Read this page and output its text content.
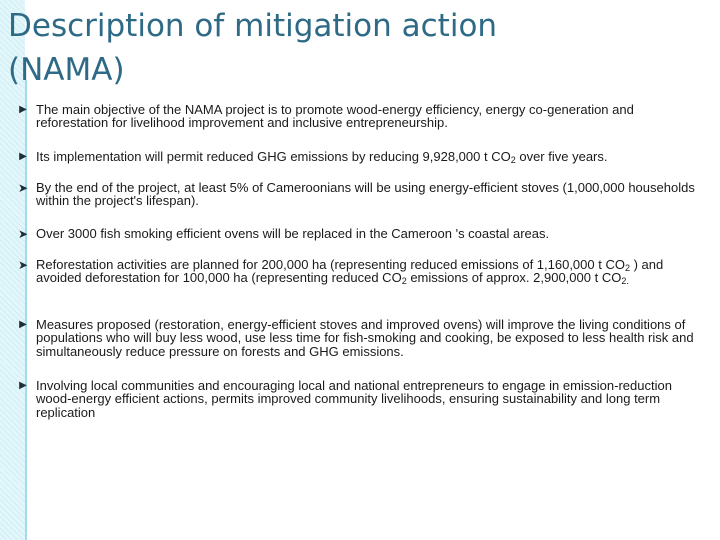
Description of mitigation action
(NAMA)
▶ The main objective of the NAMA project is to promote wood-energy efficiency, energy co-generation and reforestation for livelihood improvement and inclusive entrepreneurship.
▶ Its implementation will permit reduced GHG emissions by reducing 9,928,000 t $CO_2$ over five years.
➤ By the end of the project, at least 5% of Cameroonians will be using energy-efficient stoves (1,000,000 households within the project's lifespan).
➤ Over 3000 fish smoking efficient ovens will be replaced in the Cameroon 's coastal areas.
➤ Reforestation activities are planned for 200,000 ha (representing reduced emissions of 1,160,000 t $CO_2$ ) and avoided deforestation for 100,000 ha (representing reduced $CO_2$ emissions of approx. 2,900,000 t $CO_{2.}$
▶ Measures proposed (restoration, energy-efficient stoves and improved ovens) will improve the living conditions of populations who will buy less wood, use less time for fish-smoking and cooking, be exposed to less health risk and simultaneously reduce pressure on forests and GHG emissions.
▶ Involving local communities and encouraging local and national entrepreneurs to engage in emission-reduction wood-energy efficient actions, permits improved community livelihoods, ensuring sustainability and long term replication
